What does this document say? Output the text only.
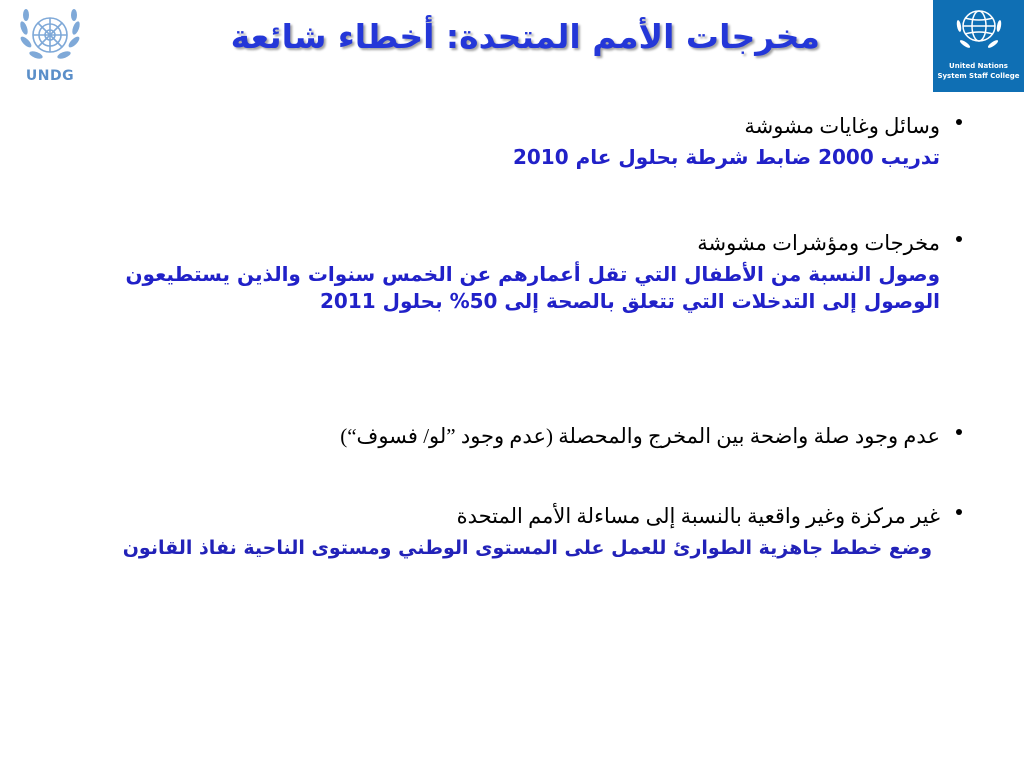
UNDG
مخرجات الأمم المتحدة: أخطاء شائعة
United Nations
System Staff College
وسائل وغايات مشوشة
تدريب 2000 ضابط شرطة بحلول عام 2010
مخرجات ومؤشرات مشوشة
وصول النسبة من الأطفال التي تقل أعمارهم عن الخمس سنوات والذين يستطيعون الوصول إلى التدخلات التي تتعلق بالصحة إلى 50% بحلول 2011
عدم وجود صلة واضحة بين المخرج والمحصلة (عدم وجود ”لو/ فسوف“)
غير مركزة وغير واقعية بالنسبة إلى مساءلة الأمم المتحدة
وضع خطط جاهزية الطوارئ للعمل على المستوى الوطني ومستوى الناحية نفاذ القانون
